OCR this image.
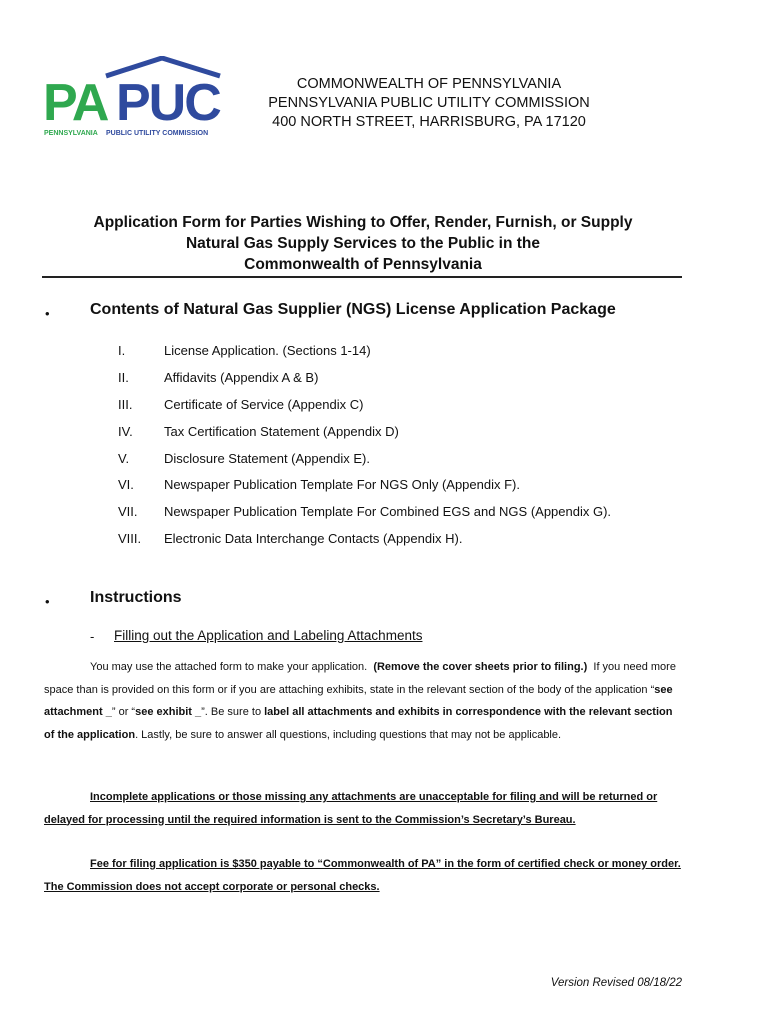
PA PUC
PENNSYLVANIA PUBLIC UTILITY COMMISSION
COMMONWEALTH OF PENNSYLVANIA
PENNSYLVANIA PUBLIC UTILITY COMMISSION
400 NORTH STREET, HARRISBURG, PA 17120
Application Form for Parties Wishing to Offer, Render, Furnish, or Supply
Natural Gas Supply Services to the Public in the
Commonwealth of Pennsylvania
•	Contents of Natural Gas Supplier (NGS) License Application Package
I.	License Application. (Sections 1-14)
II.	Affidavits (Appendix A & B)
III.	Certificate of Service (Appendix C)
IV.	Tax Certification Statement (Appendix D)
V.	Disclosure Statement (Appendix E).
VI.	Newspaper Publication Template For NGS Only (Appendix F).
VII.	Newspaper Publication Template For Combined EGS and NGS (Appendix G).
VIII.	Electronic Data Interchange Contacts (Appendix H).
•	Instructions
- Filling out the Application and Labeling Attachments
You may use the attached form to make your application. (Remove the cover sheets prior to filing.) If you need more space than is provided on this form or if you are attaching exhibits, state in the relevant section of the body of the application “see attachment _” or “see exhibit _”. Be sure to label all attachments and exhibits in correspondence with the relevant section of the application. Lastly, be sure to answer all questions, including questions that may not be applicable.
Incomplete applications or those missing any attachments are unacceptable for filing and will be returned or delayed for processing until the required information is sent to the Commission’s Secretary’s Bureau.
Fee for filing application is $350 payable to “Commonwealth of PA” in the form of certified check or money order. The Commission does not accept corporate or personal checks.
Version Revised 08/18/22
